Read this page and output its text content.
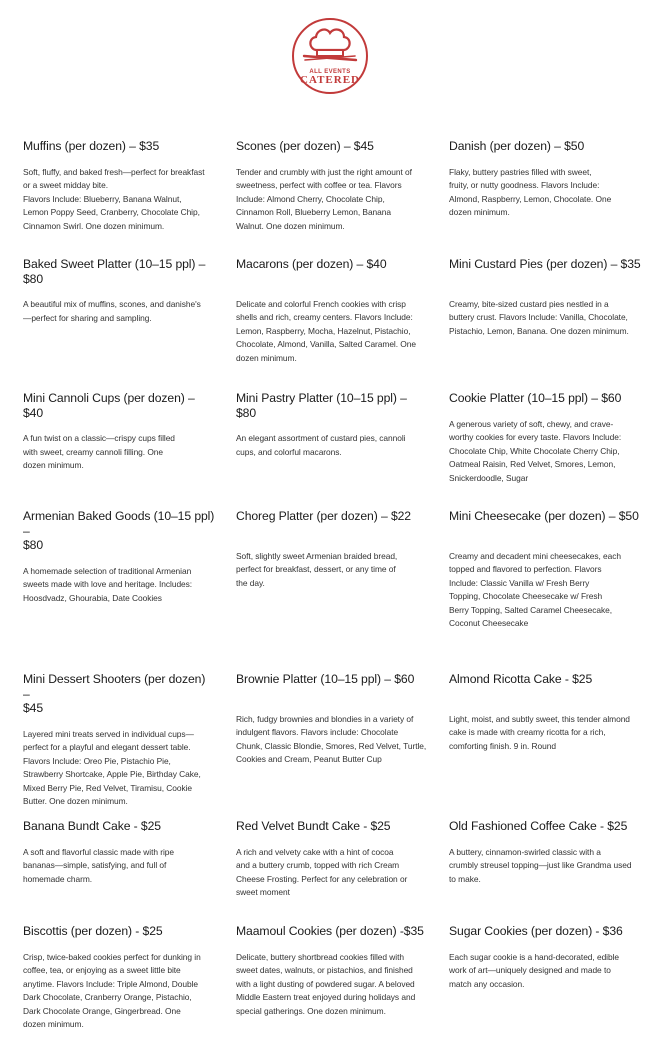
ALL EVENTS
CATERED

Muffins (per dozen) – $35

Soft, fluffy, and baked fresh—perfect for breakfast
or a sweet midday bite.
Flavors Include: Blueberry, Banana Walnut,
Lemon Poppy Seed, Cranberry, Chocolate Chip,
Cinnamon Swirl. One dozen minimum.

Scones (per dozen) – $45

Tender and crumbly with just the right amount of
sweetness, perfect with coffee or tea. Flavors
Include: Almond Cherry, Chocolate Chip,
Cinnamon Roll, Blueberry Lemon, Banana
Walnut. One dozen minimum.

Danish (per dozen) – $50

Flaky, buttery pastries filled with sweet,
fruity, or nutty goodness. Flavors Include:
Almond, Raspberry, Lemon, Chocolate. One
dozen minimum.

Baked Sweet Platter (10–15 ppl) –
$80

A beautiful mix of muffins, scones, and danishe's
—perfect for sharing and sampling.

Macarons (per dozen) – $40

Delicate and colorful French cookies with crisp
shells and rich, creamy centers. Flavors Include:
Lemon, Raspberry, Mocha, Hazelnut, Pistachio,
Chocolate, Almond, Vanilla, Salted Caramel. One
dozen minimum.

Mini Custard Pies (per dozen) – $35

Creamy, bite-sized custard pies nestled in a
buttery crust. Flavors Include: Vanilla, Chocolate,
Pistachio, Lemon, Banana. One dozen minimum.

Mini Cannoli Cups (per dozen) – $40

A fun twist on a classic—crispy cups filled
with sweet, creamy cannoli filling. One
dozen minimum.

Mini Pastry Platter (10–15 ppl) – $80

An elegant assortment of custard pies, cannoli
cups, and colorful macarons.

Cookie Platter (10–15 ppl) – $60

A generous variety of soft, chewy, and crave-
worthy cookies for every taste. Flavors Include:
Chocolate Chip, White Chocolate Cherry Chip,
Oatmeal Raisin, Red Velvet, Smores, Lemon,
Snickerdoodle, Sugar

Armenian Baked Goods (10–15 ppl) –
$80

A homemade selection of traditional Armenian
sweets made with love and heritage. Includes:
Hoosdvadz, Ghourabia, Date Cookies

Choreg Platter (per dozen) – $22

Soft, slightly sweet Armenian braided bread,
perfect for breakfast, dessert, or any time of
the day.

Mini Cheesecake (per dozen) – $50

Creamy and decadent mini cheesecakes, each
topped and flavored to perfection. Flavors
Include: Classic Vanilla w/ Fresh Berry
Topping, Chocolate Cheesecake w/ Fresh
Berry Topping, Salted Caramel Cheesecake,
Coconut Cheesecake

Mini Dessert Shooters (per dozen) –
$45

Layered mini treats served in individual cups—
perfect for a playful and elegant dessert table.
Flavors Include: Oreo Pie, Pistachio Pie,
Strawberry Shortcake, Apple Pie, Birthday Cake,
Mixed Berry Pie, Red Velvet, Tiramisu, Cookie
Butter. One dozen minimum.

Brownie Platter (10–15 ppl) – $60

Rich, fudgy brownies and blondies in a variety of
indulgent flavors. Flavors include: Chocolate
Chunk, Classic Blondie, Smores, Red Velvet, Turtle,
Cookies and Cream, Peanut Butter Cup

Almond Ricotta Cake - $25

Light, moist, and subtly sweet, this tender almond
cake is made with creamy ricotta for a rich,
comforting finish. 9 in. Round

Banana Bundt Cake - $25

A soft and flavorful classic made with ripe
bananas—simple, satisfying, and full of
homemade charm.

Red Velvet Bundt Cake - $25

A rich and velvety cake with a hint of cocoa
and a buttery crumb, topped with rich Cream
Cheese Frosting. Perfect for any celebration or
sweet moment

Old Fashioned Coffee Cake - $25

A buttery, cinnamon-swirled classic with a
crumbly streusel topping—just like Grandma used
to make.

Biscottis (per dozen) - $25

Crisp, twice-baked cookies perfect for dunking in
coffee, tea, or enjoying as a sweet little bite
anytime. Flavors Include: Triple Almond, Double
Dark Chocolate, Cranberry Orange, Pistachio,
Dark Chocolate Orange, Gingerbread. One
dozen minimum.

Maamoul Cookies (per dozen) -$35

Delicate, buttery shortbread cookies filled with
sweet dates, walnuts, or pistachios, and finished
with a light dusting of powdered sugar. A beloved
Middle Eastern treat enjoyed during holidays and
special gatherings. One dozen minimum.

Sugar Cookies (per dozen) - $36

Each sugar cookie is a hand-decorated, edible
work of art—uniquely designed and made to
match any occasion.
